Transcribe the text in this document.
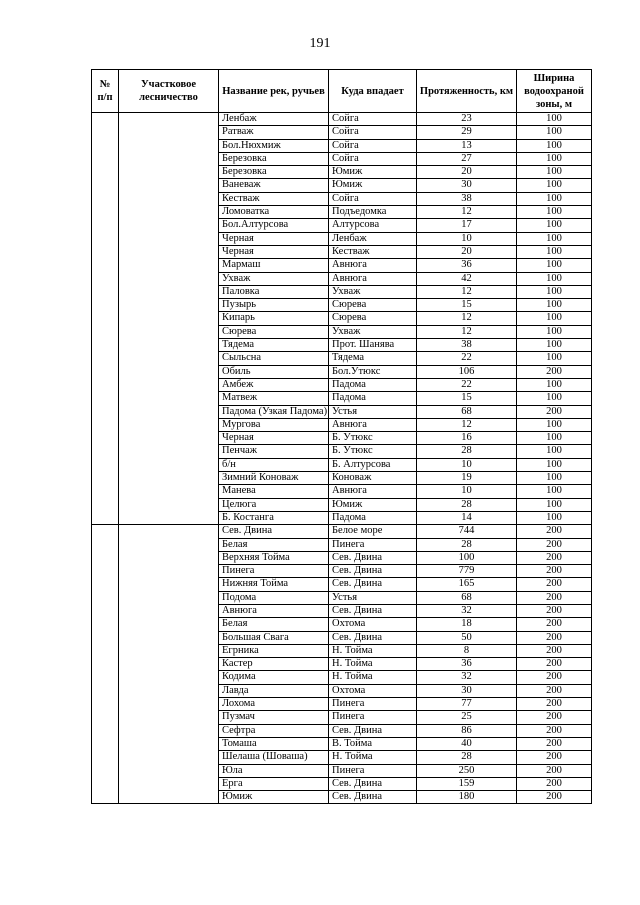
191
№ п/п	Участковое лесничество	Название рек, ручьев	Куда впадает	Протяженность, км	Ширина водоохраной зоны, м
		Ленбаж	Сойга	23	100
		Ратваж	Сойга	29	100
		Бол.Нюхмиж	Сойга	13	100
		Березовка	Сойга	27	100
		Березовка	Юмиж	20	100
		Ваневаж	Юмиж	30	100
		Кестваж	Сойга	38	100
		Ломоватка	Подъедомка	12	100
		Бол.Алтурсова	Алтурсова	17	100
		Черная	Ленбаж	10	100
		Черная	Кестваж	20	100
		Мармаш	Авнюга	36	100
		Ухваж	Авнюга	42	100
		Паловка	Ухваж	12	100
		Пузырь	Сюрева	15	100
		Кипарь	Сюрева	12	100
		Сюрева	Ухваж	12	100
		Тядема	Прот. Шанява	38	100
		Сыльсна	Тядема	22	100
		Обиль	Бол.Утюкс	106	200
		Амбеж	Падома	22	100
		Матвеж	Падома	15	100
		Падома (Узкая Падома)	Устья	68	200
		Мургова	Авнюга	12	100
		Черная	Б. Утюкс	16	100
		Пенчаж	Б. Утюкс	28	100
		б/н	Б. Алтурсова	10	100
		Зимний Коноваж	Коноваж	19	100
		Манева	Авнюга	10	100
		Целюга	Юмиж	28	100
		Б. Костанга	Падома	14	100
		Сев. Двина	Белое море	744	200
		Белая	Пинега	28	200
		Верхняя Тойма	Сев. Двина	100	200
		Пинега	Сев. Двина	779	200
		Нижняя Тойма	Сев. Двина	165	200
		Подома	Устья	68	200
		Авнюга	Сев. Двина	32	200
		Белая	Охтома	18	200
		Большая Свага	Сев. Двина	50	200
		Егрника	Н. Тойма	8	200
		Кастер	Н. Тойма	36	200
		Кодима	Н. Тойма	32	200
		Лавда	Охтома	30	200
		Лохома	Пинега	77	200
		Пузмач	Пинега	25	200
		Сефтра	Сев. Двина	86	200
		Томаша	В. Тойма	40	200
		Шелаша (Шоваша)	Н. Тойма	28	200
		Юла	Пинега	250	200
		Ерга	Сев. Двина	159	200
		Юмиж	Сев. Двина	180	200
